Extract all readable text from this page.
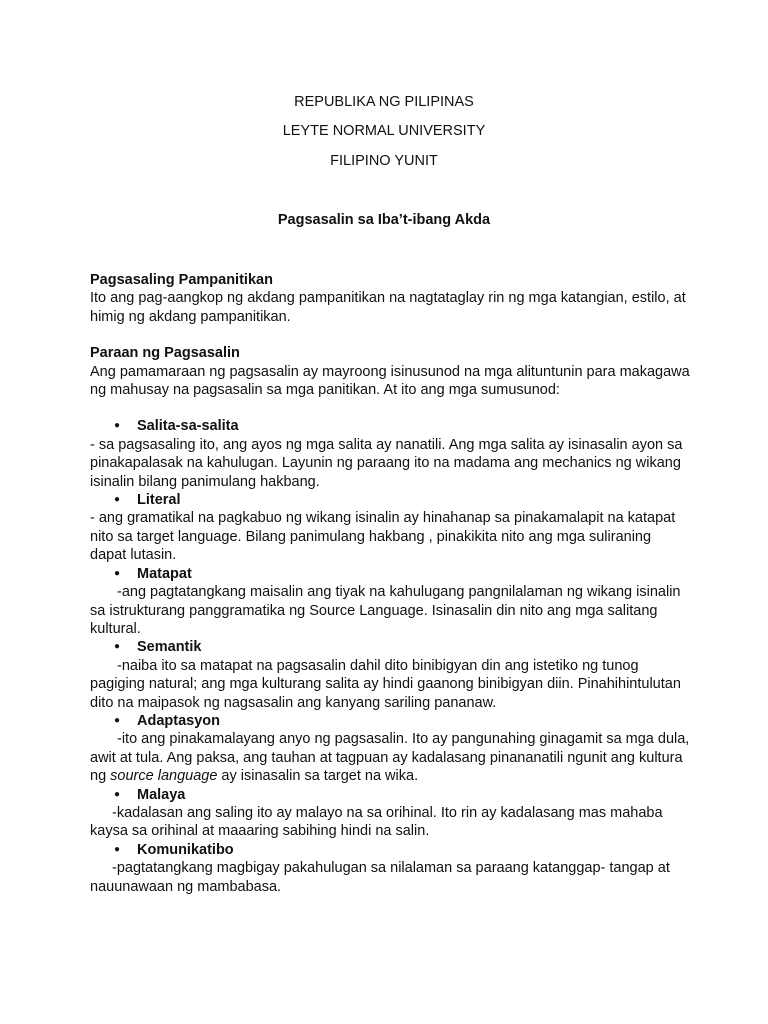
REPUBLIKA NG PILIPINAS

LEYTE NORMAL UNIVERSITY

FILIPINO YUNIT

Pagsasalin sa Iba’t-ibang Akda

Pagsasaling Pampanitikan

Ito ang pag-aangkop ng akdang pampanitikan na nagtataglay rin ng mga katangian, estilo, at himig ng akdang pampanitikan.

Paraan ng Pagsasalin

Ang pamamaraan ng pagsasalin ay mayroong isinusunod na mga alituntunin para makagawa ng mahusay na pagsasalin sa mga panitikan. At ito ang mga sumusunod:

● Salita-sa-salita

- sa pagsasaling ito, ang ayos ng mga salita ay nanatili. Ang mga salita ay isinasalin ayon sa pinakapalasak na kahulugan. Layunin ng paraang ito na madama ang mechanics ng wikang isinalin bilang panimulang hakbang.

● Literal

- ang gramatikal na pagkabuo ng wikang isinalin ay hinahanap sa pinakamalapit na katapat nito sa target language. Bilang panimulang hakbang , pinakikita nito ang mga suliraning dapat lutasin.

● Matapat

-ang pagtatangkang maisalin ang tiyak na kahulugang pangnilalaman ng wikang isinalin sa istrukturang panggramatika ng Source Language. Isinasalin din nito ang mga salitang kultural.

● Semantik

-naiba ito sa matapat na pagsasalin dahil dito binibigyan din ang istetiko ng tunog pagiging natural; ang mga kulturang salita ay hindi gaanong binibigyan diin. Pinahihintulutan dito na maipasok ng nagsasalin ang kanyang sariling pananaw.

● Adaptasyon

-ito ang pinakamalayang anyo ng pagsasalin. Ito ay pangunahing ginagamit sa mga dula, awit at tula. Ang paksa, ang tauhan at tagpuan ay kadalasang pinananatili ngunit ang kultura ng source language ay isinasalin sa target na wika.

● Malaya

-kadalasan ang saling ito ay malayo na sa orihinal. Ito rin ay kadalasang mas mahaba kaysa sa orihinal at maaaring sabihing hindi na salin.

● Komunikatibo

-pagtatangkang magbigay pakahulugan sa nilalaman sa paraang katanggap- tangap at nauunawaan ng mambabasa.
